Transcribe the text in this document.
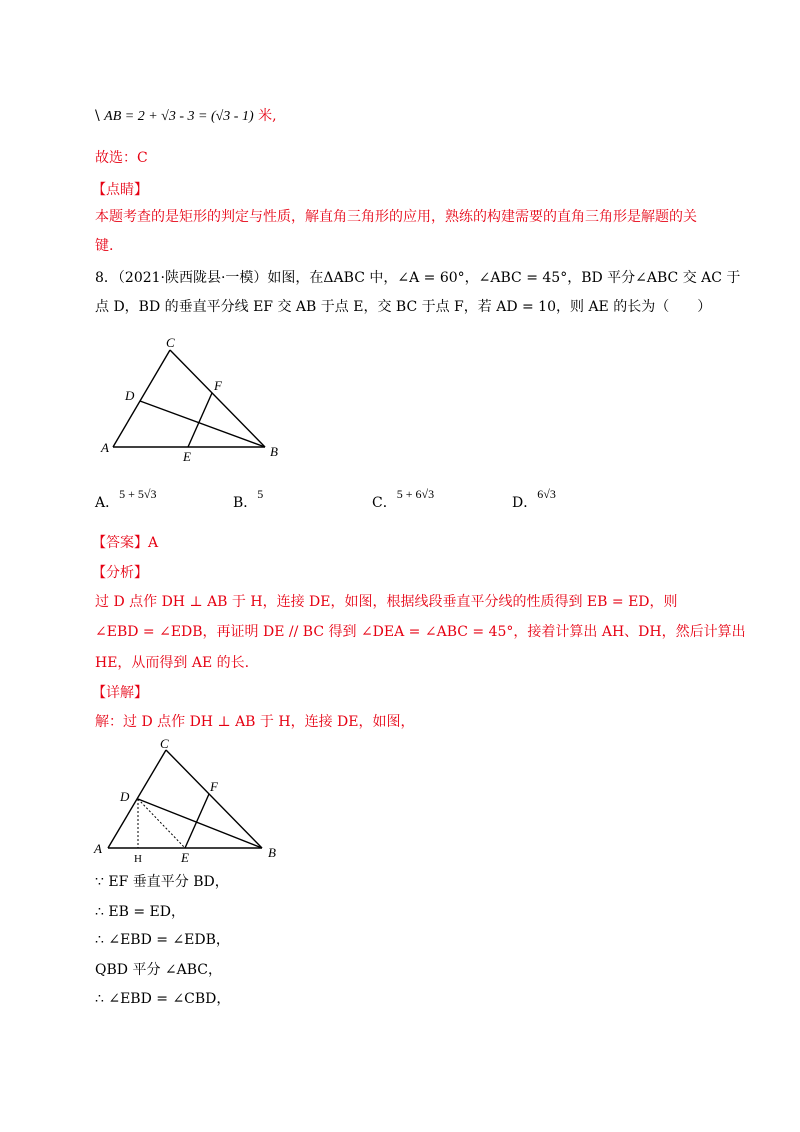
\ AB = 2 + √3 - 3 = (√3 - 1) 米,
故选：C
【点睛】
本题考查的是矩形的判定与性质，解直角三角形的应用，熟练的构建需要的直角三角形是解题的关
键.
8．（2021·陕西陇县·一模）如图，在ΔABC 中，∠A = 60°，∠ABC = 45°，BD 平分∠ABC 交 AC 于
点 D，BD 的垂直平分线 EF 交 AB 于点 E，交 BC 于点 F，若 AD = 10，则 AE 的长为（　　）
A	B
C
D
E
F
A．5 + 5√3
B．5
C．5 + 6√3
D．6√3
【答案】A
【分析】
过 D 点作 DH ⊥ AB 于 H，连接 DE，如图，根据线段垂直平分线的性质得到 EB = ED，则
∠EBD = ∠EDB，再证明 DE // BC 得到 ∠DEA = ∠ABC = 45°，接着计算出 AH、DH，然后计算出
HE，从而得到 AE 的长.
【详解】
解：过 D 点作 DH ⊥ AB 于 H，连接 DE，如图，
A	B
C
D
E
F
H
∵ EF 垂直平分 BD，
∴ EB = ED，
∴ ∠EBD = ∠EDB，
QBD 平分 ∠ABC，
∴ ∠EBD = ∠CBD，
